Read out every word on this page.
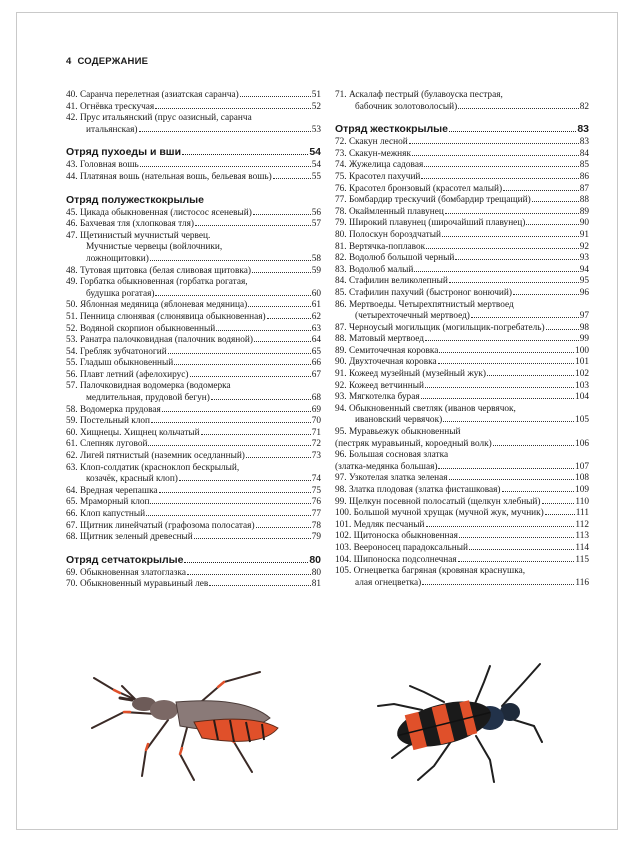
4 СОДЕРЖАНИЕ
40. Саранча перелетная (азиатская саранча)	51
41. Огнёвка трескучая	52
42. Прус итальянский (прус оазисный, саранча
итальянская)	53
Отряд пухоеды и вши	54
43. Головная вошь	54
44. Платяная вошь (нательная вошь, бельевая вошь)	55
Отряд полужесткокрылые
45. Цикада обыкновенная (листосос ясеневый)	56
46. Бахчевая тля (хлопковая тля)	57
47. Щетинистый мучнистый червец.
Мучнистые червецы (войлочники,
ложнощитовки)	58
48. Тутовая щитовка (белая сливовая щитовка)	59
49. Горбатка обыкновенная (горбатка рогатая,
будушка рогатая)	60
50. Яблонная медяница (яблоневая медяница)	61
51. Пенница слюнявая (слюнявица обыкновенная)	62
52. Водяной скорпион обыкновенный	63
53. Ранатра палочковидная (палочник водяной)	64
54. Гребляк зубчатоногий	65
55. Гладыш обыкновенный	66
56. Плавт летний (афелохирус)	67
57. Палочковидная водомерка (водомерка
медлительная, прудовой бегун)	68
58. Водомерка прудовая	69
59. Постельный клоп	70
60. Хищнецы. Хищнец кольчатый	71
61. Слепняк луговой	72
62. Лигей пятнистый (наземник оседланный)	73
63. Клоп-солдатик (красноклоп бескрылый,
козачёк, красный клоп)	74
64. Вредная черепашка	75
65. Мраморный клоп	76
66. Клоп капустный	77
67. Щитник линейчатый (графозома полосатая)	78
68. Щитник зеленый древесный	79
Отряд сетчатокрылые	80
69. Обыкновенная златоглазка	80
70. Обыкновенный муравьиный лев	81
71. Аскалаф пестрый (булавоуска пестрая,
бабочник золотоволосый)	82
Отряд жесткокрылые	83
72. Скакун лесной	83
73. Скакун-межняк	84
74. Жужелица садовая	85
75. Красотел пахучий	86
76. Красотел бронзовый (красотел малый)	87
77. Бомбардир трескучий (бомбардир трещащий)	88
78. Окаймленный плавунец	89
79. Широкий плавунец (широчайший плавунец)	90
80. Полоскун бороздчатый	91
81. Вертячка-поплавок	92
82. Водолюб большой черный	93
83. Водолюб малый	94
84. Стафилин великолепный	95
85. Стафилин пахучий (быстроног вонючий)	96
86. Мертвоеды. Четырехпятнистый мертвоед
(четырехточечный мертвоед)	97
87. Черноусый могильщик (могильщик-погребатель)	98
88. Матовый мертвоед	99
89. Семиточечная коровка	100
90. Двухточечная коровка	101
91. Кожеед музейный (музейный жук)	102
92. Кожеед ветчинный	103
93. Мягкотелка бурая	104
94. Обыкновенный светляк (иванов червячок,
ивановский червячок)	105
95. Муравьежук обыкновенный
(пестряк муравьиный, короедный волк)	106
96. Большая сосновая златка
(златка-медянка большая)	107
97. Узкотелая златка зеленая	108
98. Златка плодовая (златка фисташковая)	109
99. Щелкун посевной полосатый (щелкун хлебный)	110
100. Большой мучной хрущак (мучной жук, мучник)	111
101. Медляк песчаный	112
102. Щитоноска обыкновенная	113
103. Веероносец парадоксальный	114
104. Шипоноска подсолнечная	115
105. Огнецветка багряная (кровяная краснушка,
алая огнецветка)	116
